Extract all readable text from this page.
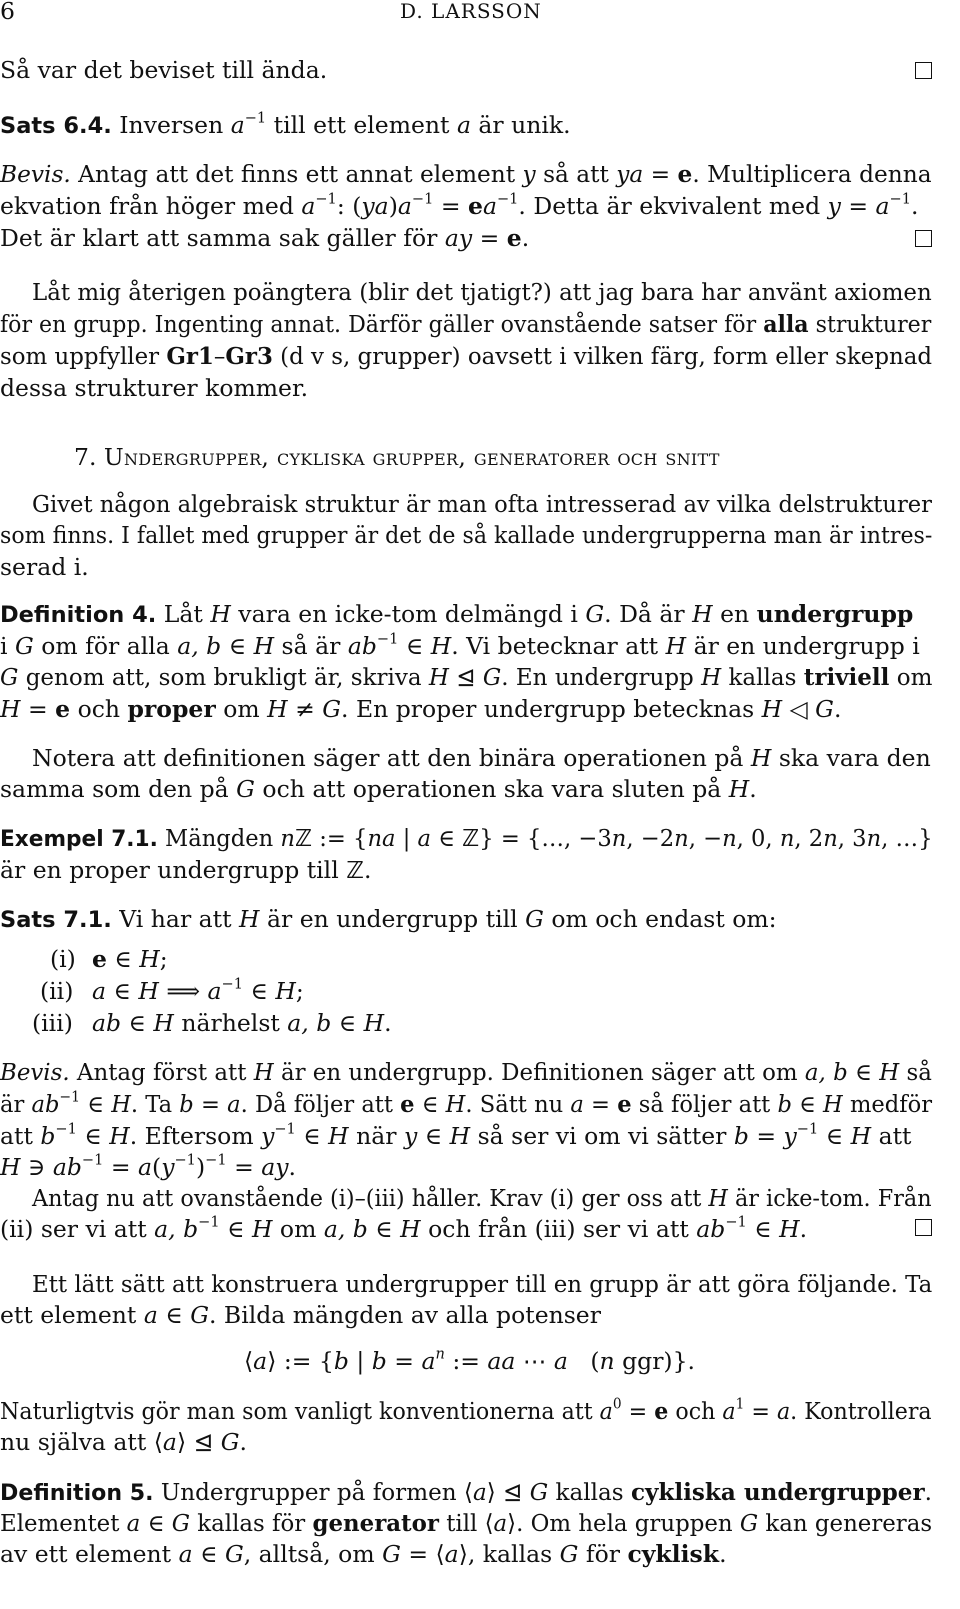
6	D. LARSSON
Så var det beviset till ända.
Sats 6.4. Inversen $a^{-1}$ till ett element a är unik.
Bevis. Antag att det finns ett annat element y så att ya = e. Multiplicera denna
ekvation från höger med $a^{-1}$: $(ya)a^{-1} = ea^{-1}$. Detta är ekvivalent med $y = a^{-1}$.
Det är klart att samma sak gäller för ay = e.
Låt mig återigen poängtera (blir det tjatigt?) att jag bara har använt axiomen
för en grupp. Ingenting annat. Därför gäller ovanstående satser för alla strukturer
som uppfyller Gr1–Gr3 (d v s, grupper) oavsett i vilken färg, form eller skepnad
dessa strukturer kommer.
7. Undergrupper, cykliska grupper, generatorer och snitt
Givet någon algebraisk struktur är man ofta intresserad av vilka delstrukturer
som finns. I fallet med grupper är det de så kallade undergrupperna man är intres-
serad i.
Definition 4. Låt H vara en icke-tom delmängd i G. Då är H en undergrupp
i G om för alla a, b ∈ H så är $ab^{-1}$ ∈ H. Vi betecknar att H är en undergrupp i
G genom att, som brukligt är, skriva H ⊴ G. En undergrupp H kallas triviell om
H = e och proper om H ≠ G. En proper undergrupp betecknas H ◁ G.
Notera att definitionen säger att den binära operationen på H ska vara den
samma som den på G och att operationen ska vara sluten på H.
Exempel 7.1. Mängden nℤ := {na | a ∈ ℤ} = {…, −3n, −2n, −n, 0, n, 2n, 3n, …}
är en proper undergrupp till ℤ.
Sats 7.1. Vi har att H är en undergrupp till G om och endast om:
(i) e ∈ H;
(ii) a ∈ H ⟹ $a^{-1}$ ∈ H;
(iii) ab ∈ H närhelst a, b ∈ H.
Bevis. Antag först att H är en undergrupp. Definitionen säger att om a, b ∈ H så
är $ab^{-1}$ ∈ H. Ta b = a. Då följer att e ∈ H. Sätt nu a = e så följer att b ∈ H medför
att $b^{-1}$ ∈ H. Eftersom $y^{-1}$ ∈ H när y ∈ H så ser vi om vi sätter $b = y^{-1}$ ∈ H att
H ∋ $ab^{-1} = a(y^{-1})^{-1}$ = ay.
Antag nu att ovanstående (i)–(iii) håller. Krav (i) ger oss att H är icke-tom. Från
(ii) ser vi att a, $b^{-1}$ ∈ H om a, b ∈ H och från (iii) ser vi att $ab^{-1}$ ∈ H.
Ett lätt sätt att konstruera undergrupper till en grupp är att göra följande. Ta
ett element a ∈ G. Bilda mängden av alla potenser
⟨a⟩ := {b | $b = a^n$ := aa ⋯ a   (n ggr)}.
Naturligtvis gör man som vanligt konventionerna att $a^0 = e$ och $a^1 = a$. Kontrollera
nu själva att ⟨a⟩ ⊴ G.
Definition 5. Undergrupper på formen ⟨a⟩ ⊴ G kallas cykliska undergrupper.
Elementet a ∈ G kallas för generator till ⟨a⟩. Om hela gruppen G kan genereras
av ett element a ∈ G, alltså, om G = ⟨a⟩, kallas G för cyklisk.
